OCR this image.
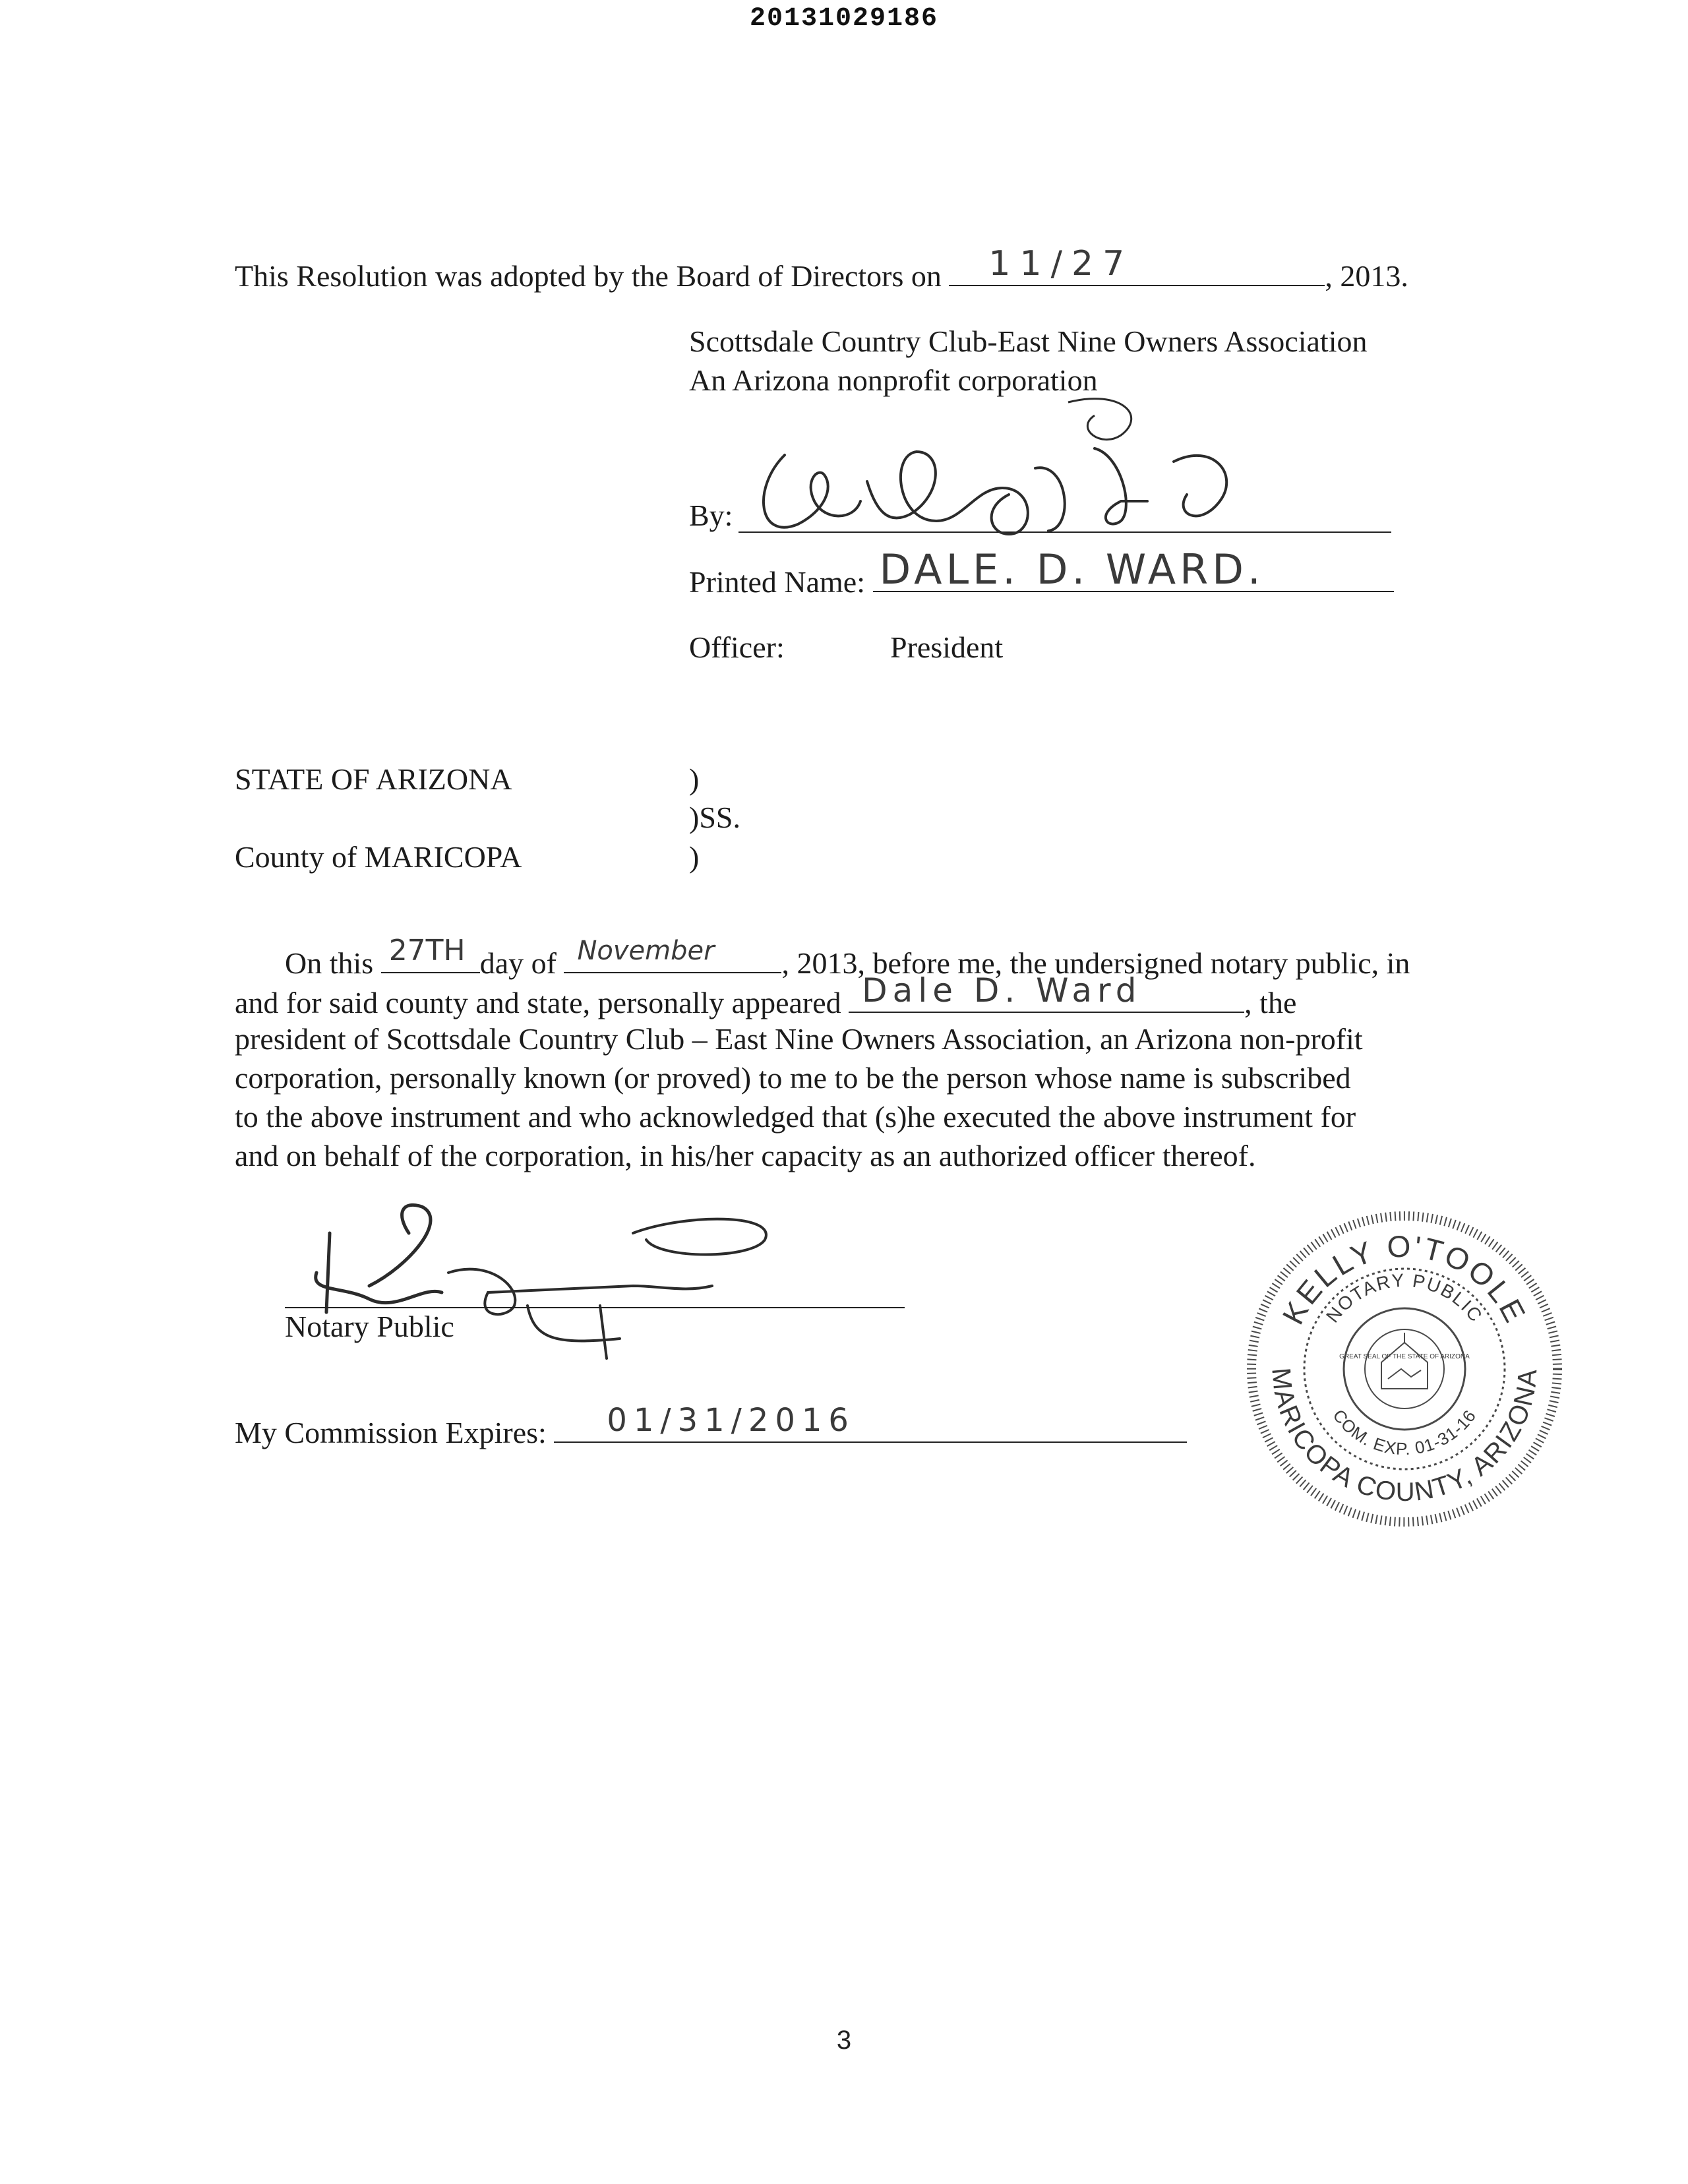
20131029186
This Resolution was adopted by the Board of Directors on 11/27	, 2013.
Scottsdale Country Club-East Nine Owners Association
An Arizona nonprofit corporation
By:
Printed Name: DALE. D. WARD.
Officer:	President
STATE OF ARIZONA	)
)SS.
County of MARICOPA	)
On this 27TH day of November , 2013, before me, the undersigned notary public, in
and for said county and state, personally appeared Dale D. Ward	, the
president of Scottsdale Country Club – East Nine Owners Association, an Arizona non-profit
corporation, personally known (or proved) to me to be the person whose name is subscribed
to the above instrument and who acknowledged that (s)he executed the above instrument for
and on behalf of the corporation, in his/her capacity as an authorized officer thereof.
Notary Public
My Commission Expires: 01/31/2016
KELLY O'TOOLE
MARICOPA COUNTY, ARIZONA
NOTARY PUBLIC
COM. EXP. 01-31-16
GREAT SEAL OF THE STATE OF ARIZONA
3
